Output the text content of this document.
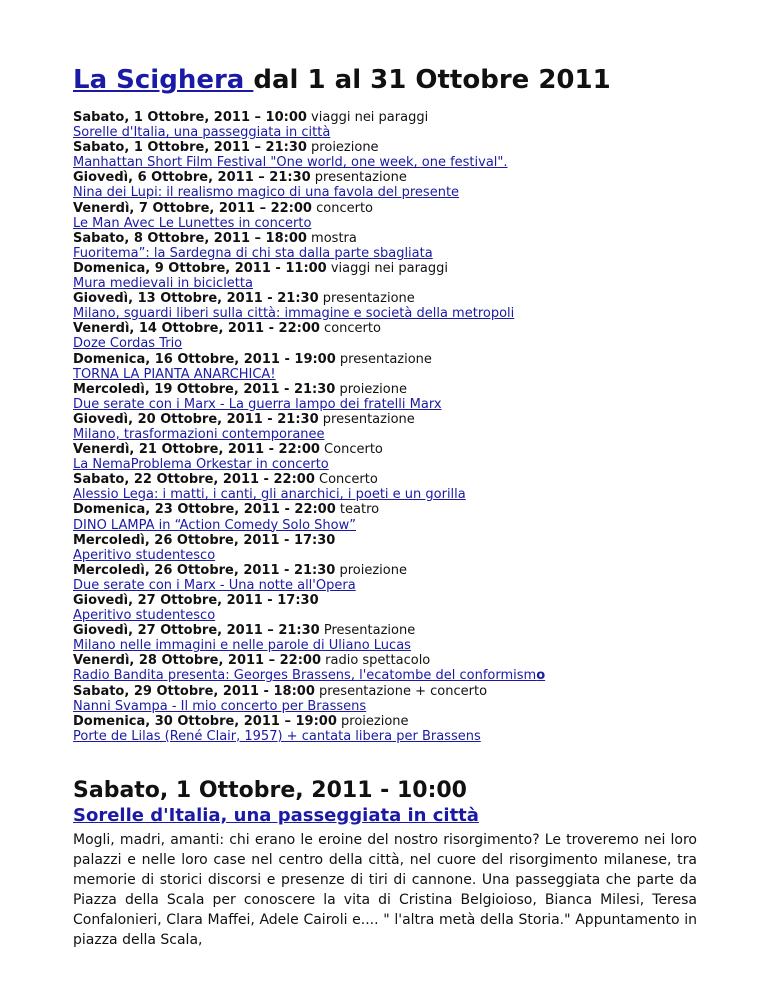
La Scighera dal 1 al 31 Ottobre 2011
Sabato, 1 Ottobre, 2011 – 10:00 viaggi nei paraggi
Sorelle d'Italia, una passeggiata in città
Sabato, 1 Ottobre, 2011 – 21:30 proiezione
Manhattan Short Film Festival "One world, one week, one festival".
Giovedì, 6 Ottobre, 2011 – 21:30 presentazione
Nina dei Lupi: il realismo magico di una favola del presente
Venerdì, 7 Ottobre, 2011 – 22:00 concerto
Le Man Avec Le Lunettes in concerto
Sabato, 8 Ottobre, 2011 – 18:00 mostra
Fuoritema”: la Sardegna di chi sta dalla parte sbagliata
Domenica, 9 Ottobre, 2011 - 11:00 viaggi nei paraggi
Mura medievali in bicicletta
Giovedì, 13 Ottobre, 2011 - 21:30 presentazione
Milano, sguardi liberi sulla città: immagine e società della metropoli
Venerdì, 14 Ottobre, 2011 - 22:00 concerto
Doze Cordas Trio
Domenica, 16 Ottobre, 2011 - 19:00 presentazione
TORNA LA PIANTA ANARCHICA!
Mercoledì, 19 Ottobre, 2011 - 21:30 proiezione
Due serate con i Marx - La guerra lampo dei fratelli Marx
Giovedì, 20 Ottobre, 2011 - 21:30 presentazione
Milano, trasformazioni contemporanee
Venerdì, 21 Ottobre, 2011 - 22:00 Concerto
La NemaProblema Orkestar in concerto
Sabato, 22 Ottobre, 2011 - 22:00 Concerto
Alessio Lega: i matti, i canti, gli anarchici, i poeti e un gorilla
Domenica, 23 Ottobre, 2011 - 22:00 teatro
DINO LAMPA in “Action Comedy Solo Show”
Mercoledì, 26 Ottobre, 2011 - 17:30
Aperitivo studentesco
Mercoledì, 26 Ottobre, 2011 - 21:30 proiezione
Due serate con i Marx - Una notte all'Opera
Giovedì, 27 Ottobre, 2011 - 17:30
Aperitivo studentesco
Giovedì, 27 Ottobre, 2011 – 21:30 Presentazione
Milano nelle immagini e nelle parole di Uliano Lucas
Venerdì, 28 Ottobre, 2011 – 22:00 radio spettacolo
Radio Bandita presenta: Georges Brassens, l'ecatombe del conformismo
Sabato, 29 Ottobre, 2011 - 18:00 presentazione + concerto
Nanni Svampa - Il mio concerto per Brassens
Domenica, 30 Ottobre, 2011 – 19:00 proiezione
Porte de Lilas (René Clair, 1957) + cantata libera per Brassens
Sabato, 1 Ottobre, 2011 - 10:00
Sorelle d'Italia, una passeggiata in città

Mogli, madri, amanti: chi erano le eroine del nostro risorgimento? Le troveremo nei loro palazzi e nelle loro case nel centro della città, nel cuore del risorgimento milanese, tra memorie di storici discorsi e presenze di tiri di cannone. Una passeggiata che parte da Piazza della Scala per conoscere la vita di Cristina Belgioioso, Bianca Milesi, Teresa Confalonieri, Clara Maffei, Adele Cairoli e.... " l'altra metà della Storia." Appuntamento in piazza della Scala,
